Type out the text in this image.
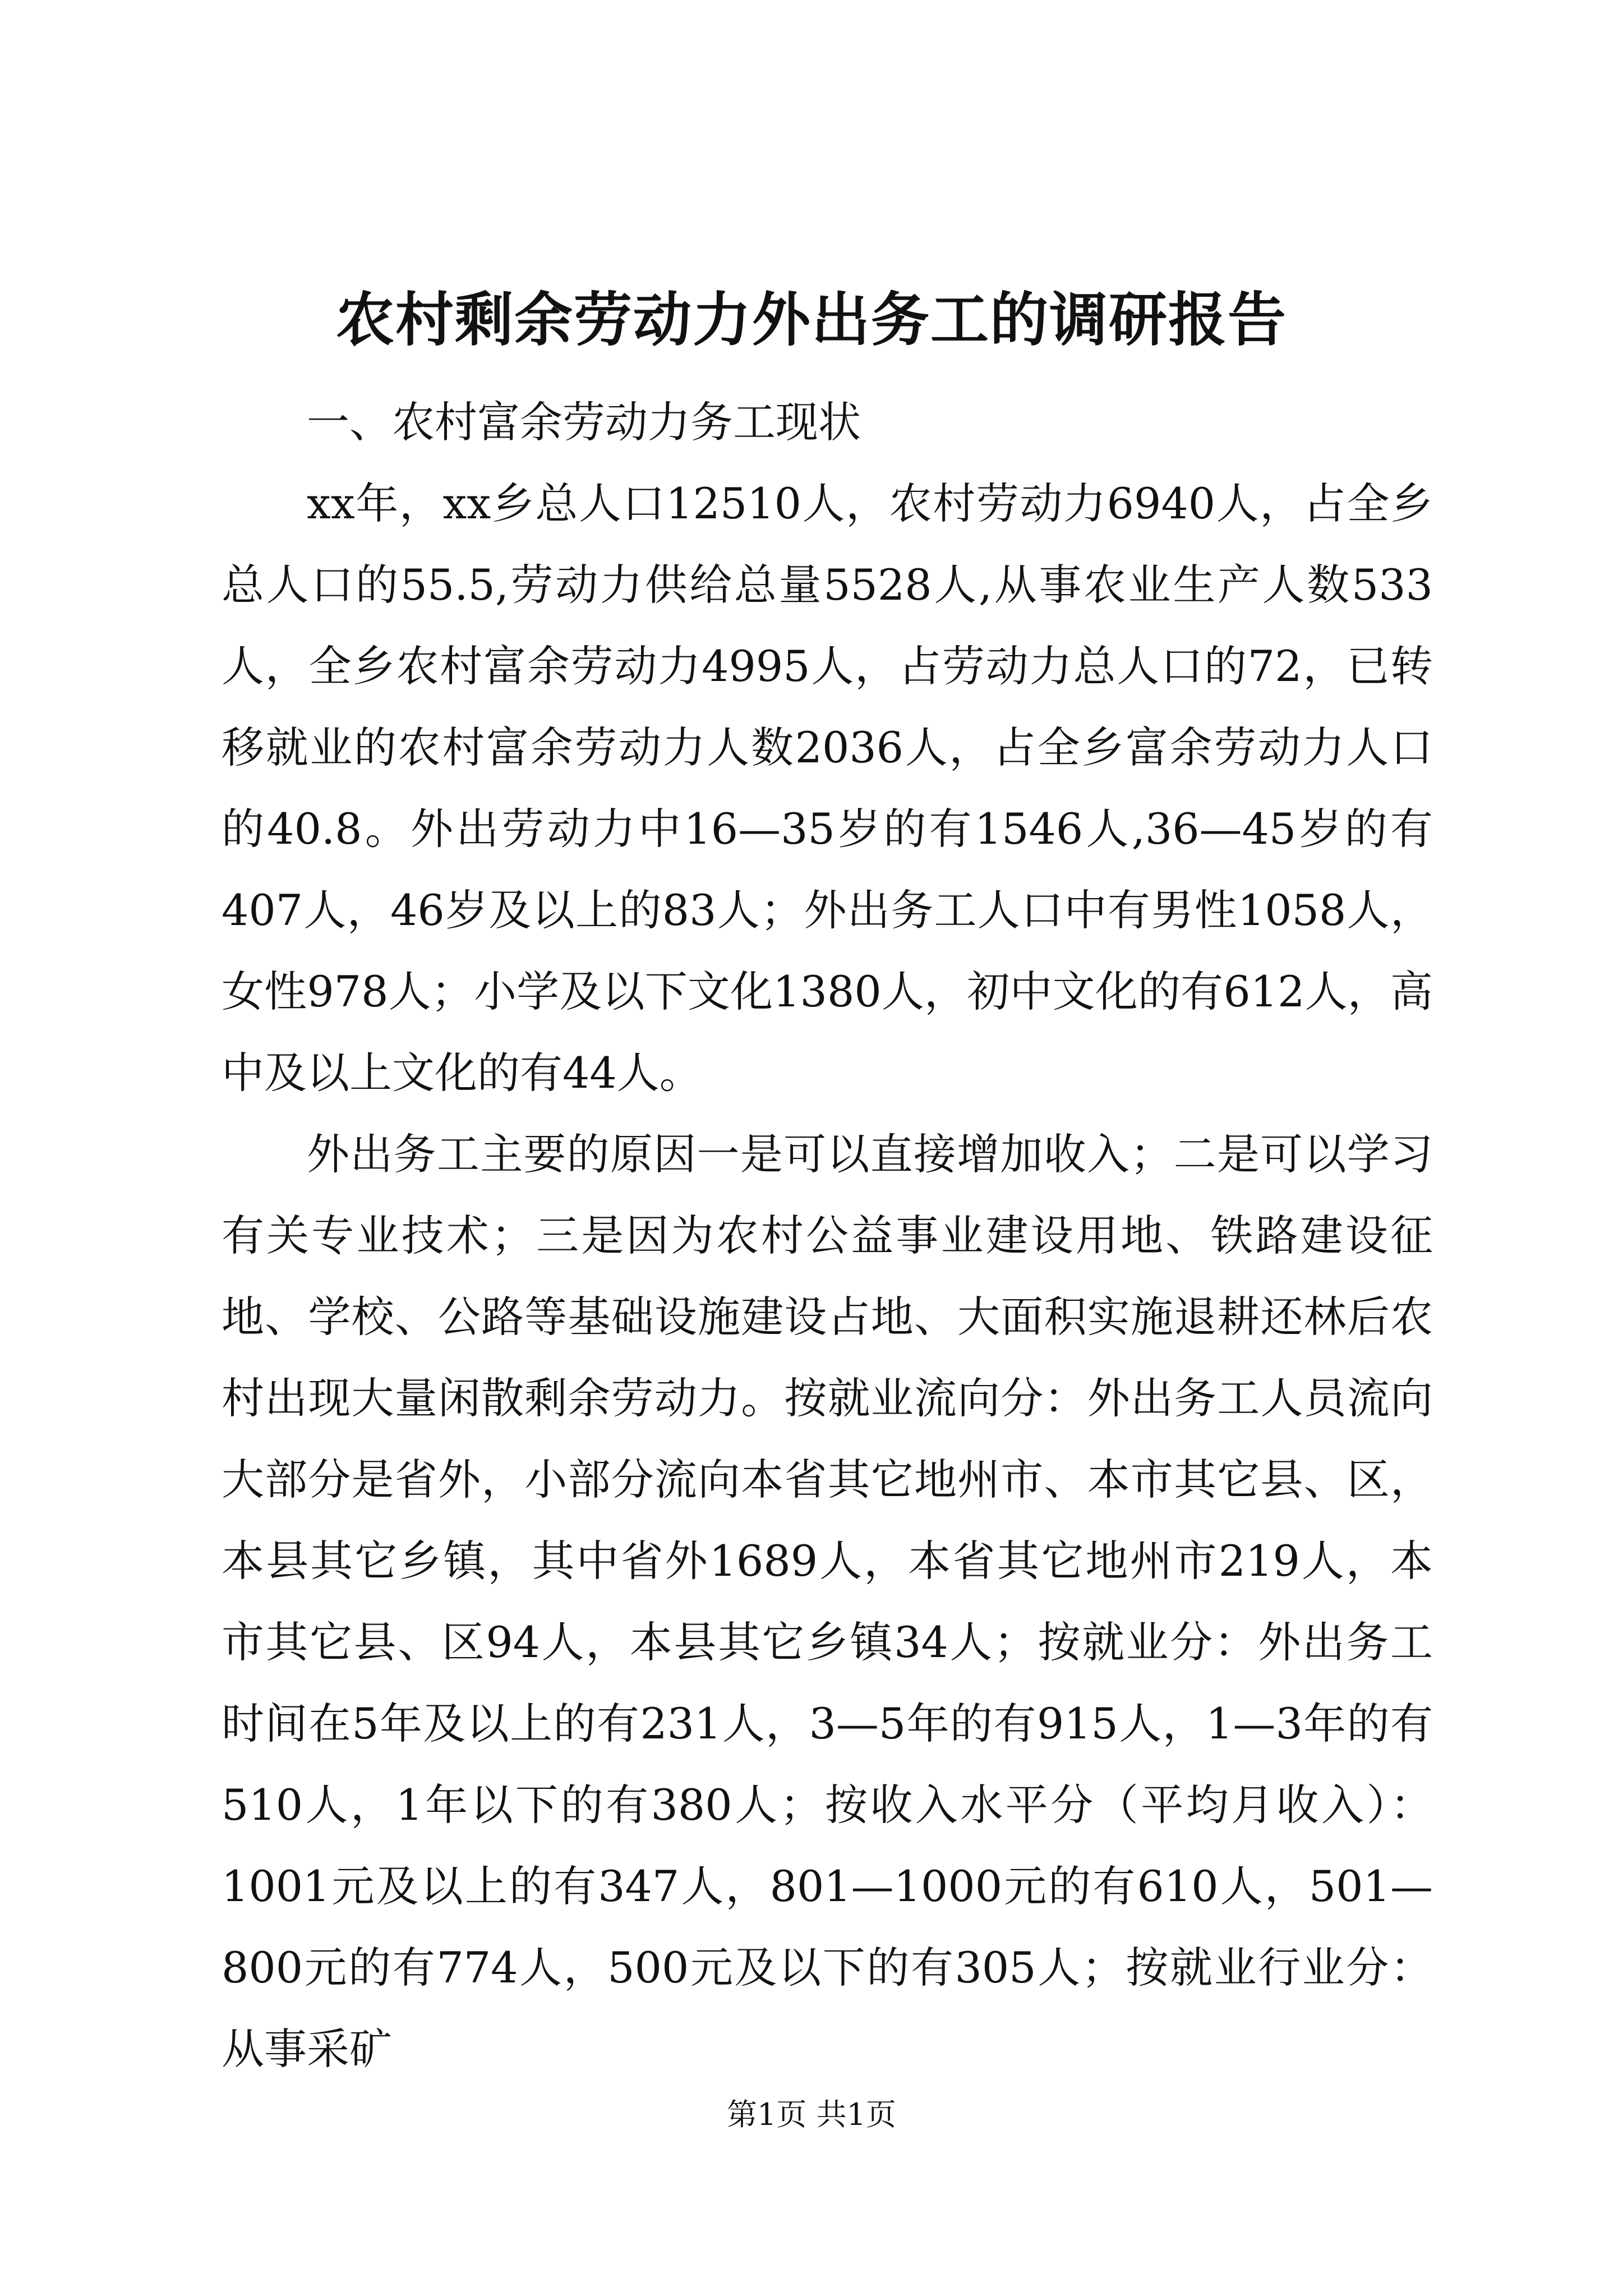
农村剩余劳动力外出务工的调研报告

一、农村富余劳动力务工现状

xx年，xx乡总人口12510人，农村劳动力6940人，占全乡总人口的55.5,劳动力供给总量5528人,从事农业生产人数533人，全乡农村富余劳动力4995人，占劳动力总人口的72，已转移就业的农村富余劳动力人数2036人，占全乡富余劳动力人口的40.8。外出劳动力中16—35岁的有1546人,36—45岁的有407人，46岁及以上的83人；外出务工人口中有男性1058人，女性978人；小学及以下文化1380人，初中文化的有612人，高中及以上文化的有44人。

外出务工主要的原因一是可以直接增加收入；二是可以学习有关专业技术；三是因为农村公益事业建设用地、铁路建设征地、学校、公路等基础设施建设占地、大面积实施退耕还林后农村出现大量闲散剩余劳动力。按就业流向分：外出务工人员流向大部分是省外，小部分流向本省其它地州市、本市其它县、区，本县其它乡镇，其中省外1689人，本省其它地州市219人，本市其它县、区94人，本县其它乡镇34人；按就业分：外出务工时间在5年及以上的有231人，3—5年的有915人，1—3年的有510人，1年以下的有380人；按收入水平分（平均月收入）：1001元及以上的有347人，801—1000元的有610人，501—800元的有774人，500元及以下的有305人；按就业行业分：从事采矿

第1页 共1页
